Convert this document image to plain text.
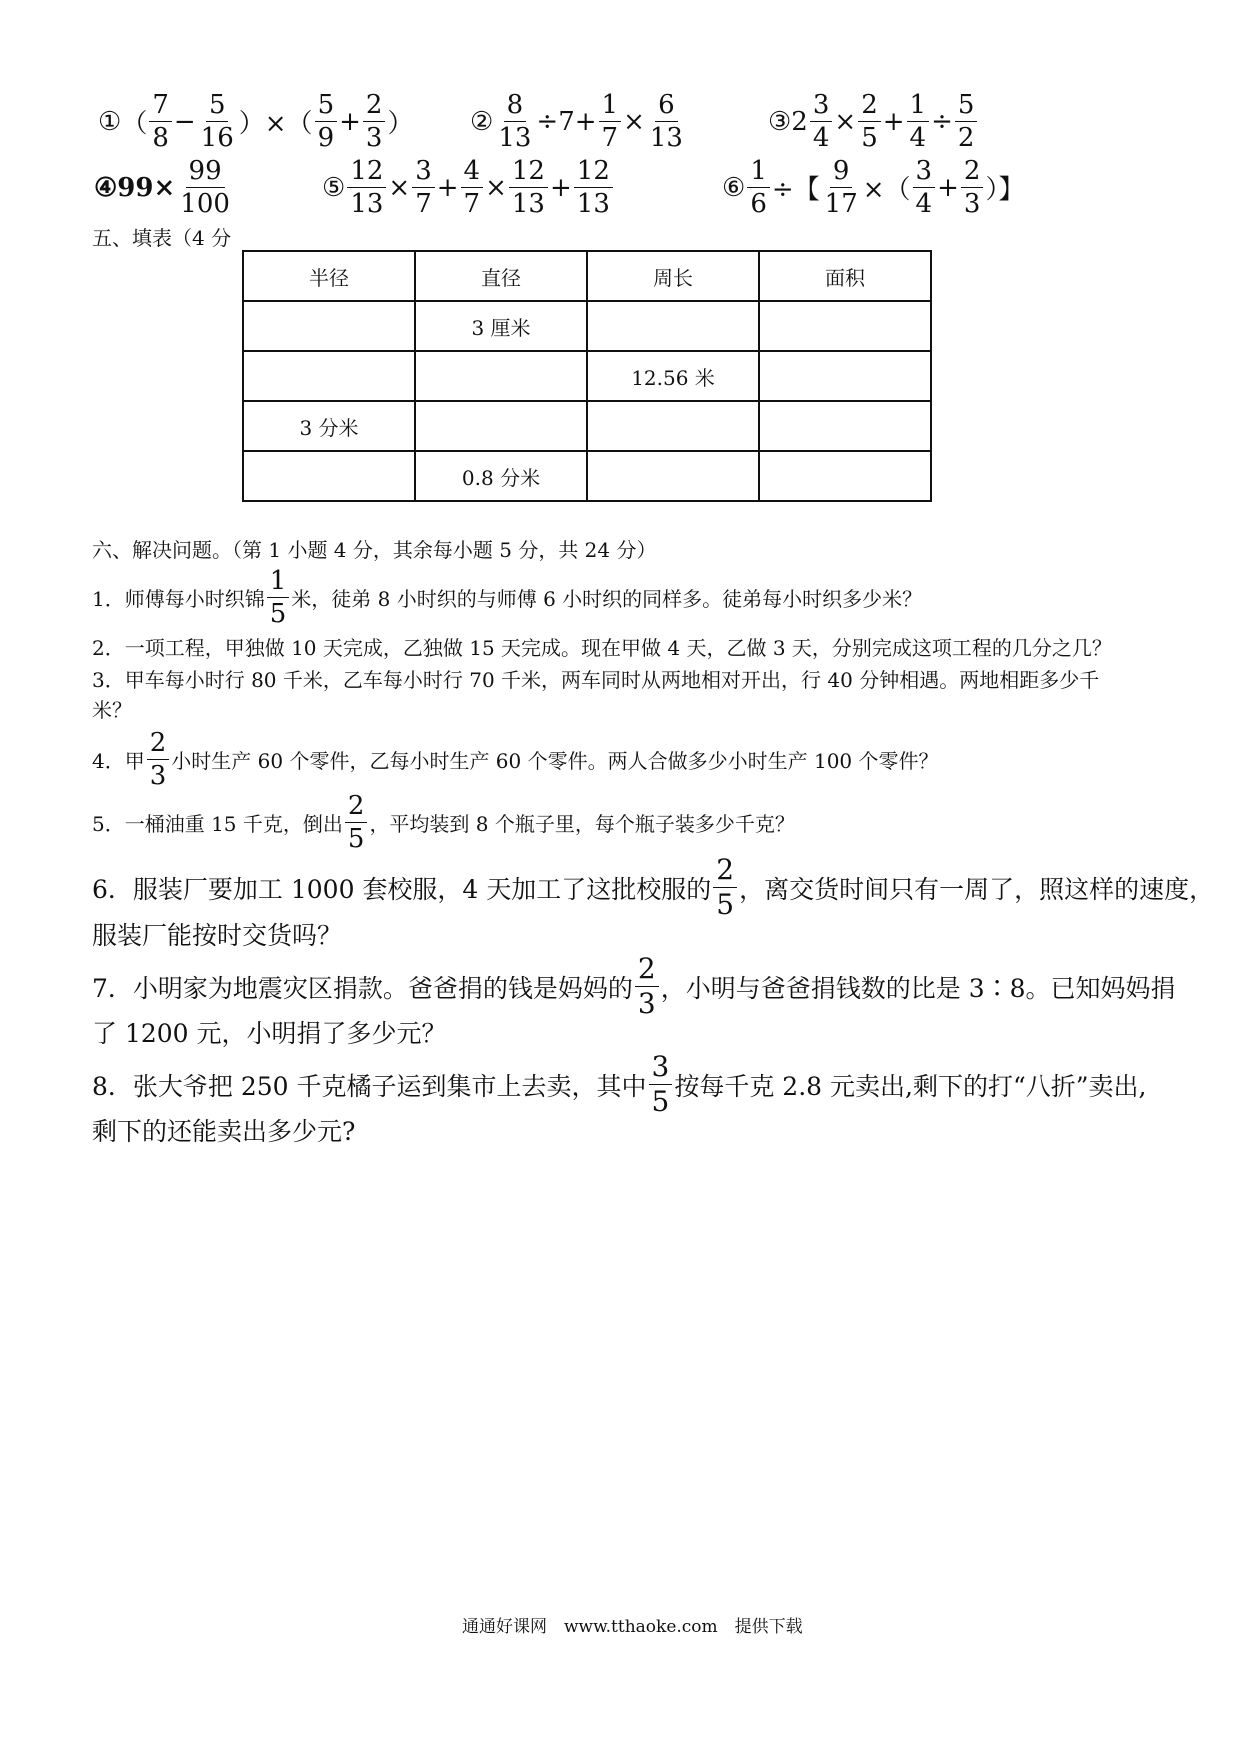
① （ $\frac{7}{8} - \frac{5}{16}$ ）×（ $\frac{5}{9} + \frac{2}{3}$ ） ② $\frac{8}{13} \div 7+ \frac{1}{7} \times \frac{6}{13}$	③2 $\frac{3}{4} \times \frac{2}{5} + \frac{1}{4} \div \frac{5}{2}$
④99× $\frac{99}{100}$	⑤ $\frac{12}{13} \times \frac{3}{7} + \frac{4}{7} \times \frac{12}{13} + \frac{12}{13}$	⑥ $\frac{1}{6}$ ÷【 $\frac{9}{17}$ ×（ $\frac{3}{4} + \frac{2}{3}$ ）】
五、填表（4 分
半径	直径	周长	面积
	3 厘米		
		12.56 米	
3 分米			
	0.8 分米		
六、解决问题。（第 1 小题 4 分，其余每小题 5 分，共 24 分）
1．师傅每小时织锦 $\frac{1}{5}$ 米，徒弟 8 小时织的与师傅 6 小时织的同样多。徒弟每小时织多少米？
2．一项工程，甲独做 10 天完成，乙独做 15 天完成。现在甲做 4 天，乙做 3 天，分别完成这项工程的几分之几？
3．甲车每小时行 80 千米，乙车每小时行 70 千米，两车同时从两地相对开出，行 40 分钟相遇。两地相距多少千
米？
4．甲 $\frac{2}{3}$ 小时生产 60 个零件，乙每小时生产 60 个零件。两人合做多少小时生产 100 个零件？
5．一桶油重 15 千克，倒出 $\frac{2}{5}$ ，平均装到 8 个瓶子里，每个瓶子装多少千克？
6．服装厂要加工 1000 套校服，4 天加工了这批校服的 $\frac{2}{5}$ ，离交货时间只有一周了，照这样的速度，
服装厂能按时交货吗？
7．小明家为地震灾区捐款。爸爸捐的钱是妈妈的 $\frac{2}{3}$ ，小明与爸爸捐钱数的比是 3∶8。已知妈妈捐
了 1200 元，小明捐了多少元？
8．张大爷把 250 千克橘子运到集市上去卖，其中 $\frac{3}{5}$ 按每千克 2.8 元卖出,剩下的打“八折”卖出,
剩下的还能卖出多少元?
通通好课网　www.tthaoke.com　提供下载
